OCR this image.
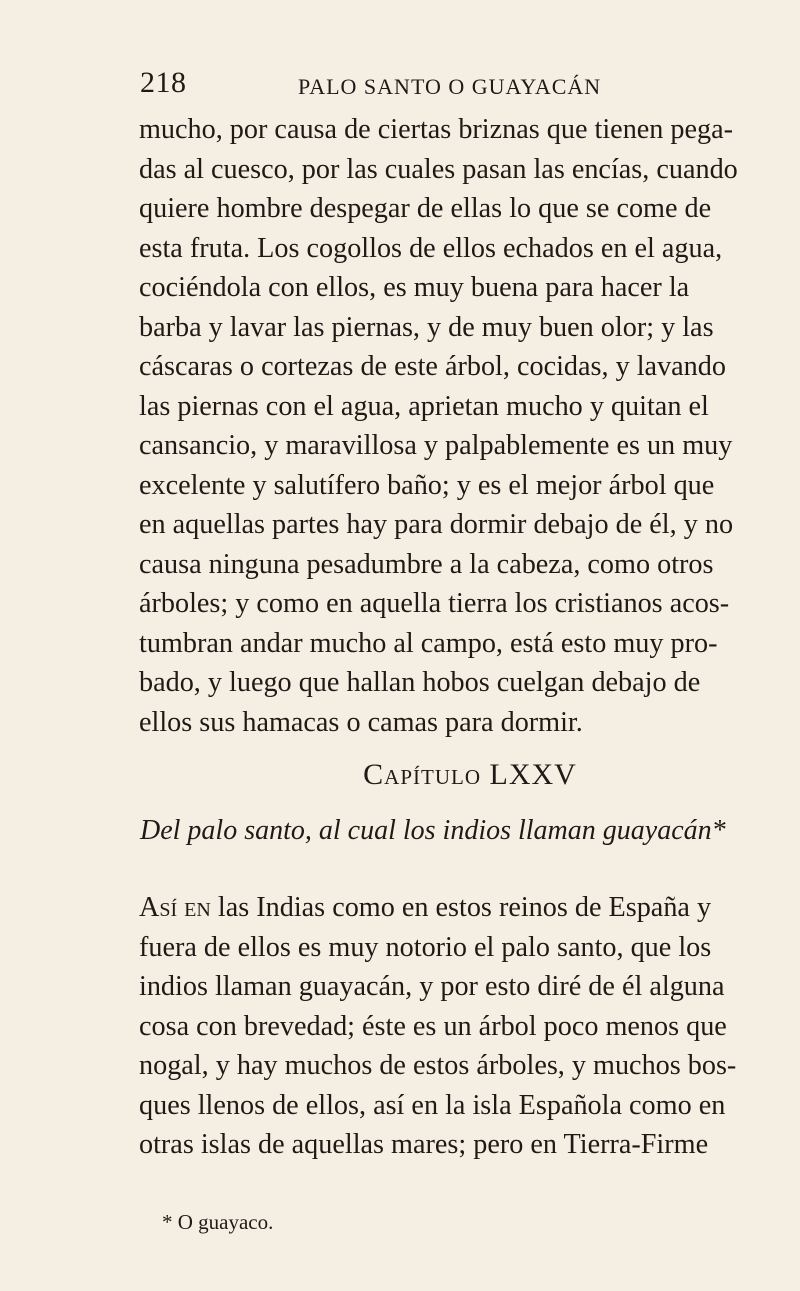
218	PALO SANTO O GUAYACÁN
mucho, por causa de ciertas briznas que tienen pega-
das al cuesco, por las cuales pasan las encías, cuando
quiere hombre despegar de ellas lo que se come de
esta fruta. Los cogollos de ellos echados en el agua,
cociéndola con ellos, es muy buena para hacer la
barba y lavar las piernas, y de muy buen olor; y las
cáscaras o cortezas de este árbol, cocidas, y lavando
las piernas con el agua, aprietan mucho y quitan el
cansancio, y maravillosa y palpablemente es un muy
excelente y salutífero baño; y es el mejor árbol que
en aquellas partes hay para dormir debajo de él, y no
causa ninguna pesadumbre a la cabeza, como otros
árboles; y como en aquella tierra los cristianos acos-
tumbran andar mucho al campo, está esto muy pro-
bado, y luego que hallan hobos cuelgan debajo de
ellos sus hamacas o camas para dormir.
Capítulo LXXV
Del palo santo, al cual los indios llaman guayacán*
Así en las Indias como en estos reinos de España y
fuera de ellos es muy notorio el palo santo, que los
indios llaman guayacán, y por esto diré de él alguna
cosa con brevedad; éste es un árbol poco menos que
nogal, y hay muchos de estos árboles, y muchos bos-
ques llenos de ellos, así en la isla Española como en
otras islas de aquellas mares; pero en Tierra-Firme
* O guayaco.
